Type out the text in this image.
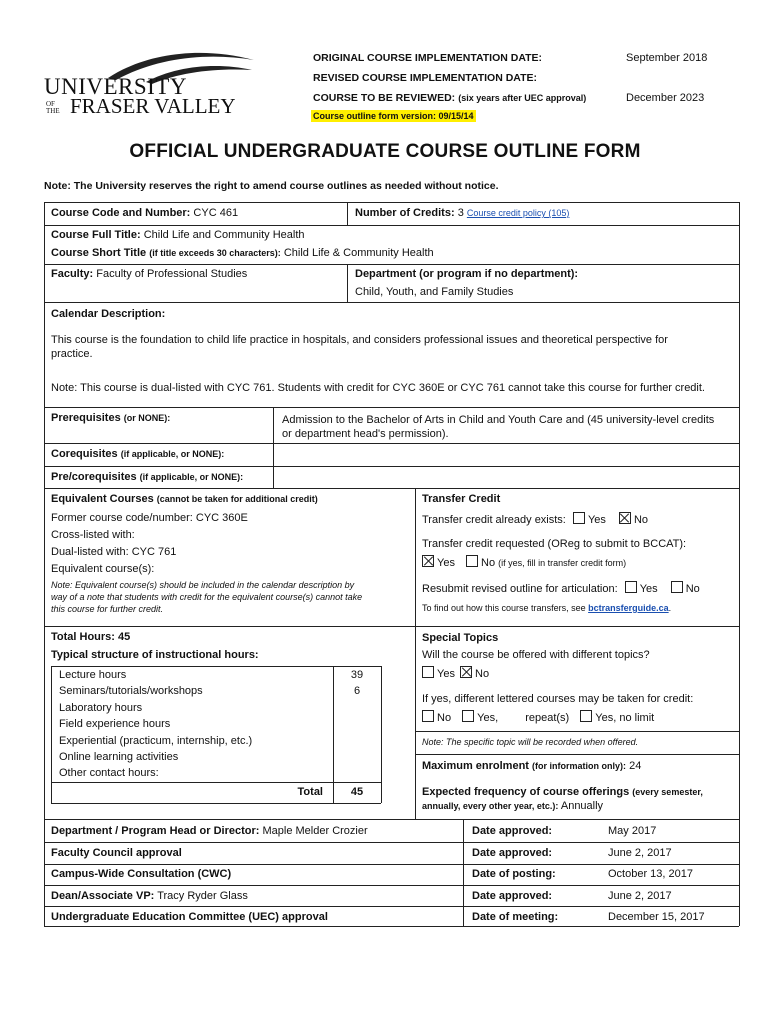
UNIVERSITY
OF THE FRASER VALLEY
ORIGINAL COURSE IMPLEMENTATION DATE:	September 2018
REVISED COURSE IMPLEMENTATION DATE:
COURSE TO BE REVIEWED: (six years after UEC approval)	December 2023
Course outline form version: 09/15/14
OFFICIAL UNDERGRADUATE COURSE OUTLINE FORM
Note: The University reserves the right to amend course outlines as needed without notice.
Course Code and Number: CYC 461	Number of Credits: 3 Course credit policy (105)
Course Full Title: Child Life and Community Health
Course Short Title (if title exceeds 30 characters): Child Life & Community Health
Faculty: Faculty of Professional Studies	Department (or program if no department):
Child, Youth, and Family Studies
Calendar Description:
This course is the foundation to child life practice in hospitals, and considers professional issues and theoretical perspective for
practice.
Note: This course is dual-listed with CYC 761. Students with credit for CYC 360E or CYC 761 cannot take this course for further credit.
Prerequisites (or NONE):	Admission to the Bachelor of Arts in Child and Youth Care and (45 university-level credits
or department head's permission).
Corequisites (if applicable, or NONE):
Pre/corequisites (if applicable, or NONE):
Equivalent Courses (cannot be taken for additional credit)
Former course code/number: CYC 360E
Cross-listed with:
Dual-listed with: CYC 761
Equivalent course(s):
Note: Equivalent course(s) should be included in the calendar description by
way of a note that students with credit for the equivalent course(s) cannot take
this course for further credit.
Transfer Credit
Transfer credit already exists: Yes	No
Transfer credit requested (OReg to submit to BCCAT):
Yes No (if yes, fill in transfer credit form)
Resubmit revised outline for articulation: Yes	No
To find out how this course transfers, see bctransferguide.ca.
Total Hours: 45
Typical structure of instructional hours:
Lecture hours	39
Seminars/tutorials/workshops	6
Laboratory hours
Field experience hours
Experiential (practicum, internship, etc.)
Online learning activities
Other contact hours:
Total	45
Special Topics
Will the course be offered with different topics?
Yes No
If yes, different lettered courses may be taken for credit:
No Yes, repeat(s) Yes, no limit
Note: The specific topic will be recorded when offered.
Maximum enrolment (for information only): 24
Expected frequency of course offerings (every semester,
annually, every other year, etc.): Annually
Department / Program Head or Director: Maple Melder Crozier	Date approved:	May 2017
Faculty Council approval	Date approved:	June 2, 2017
Campus-Wide Consultation (CWC)	Date of posting:	October 13, 2017
Dean/Associate VP: Tracy Ryder Glass	Date approved:	June 2, 2017
Undergraduate Education Committee (UEC) approval	Date of meeting:	December 15, 2017
